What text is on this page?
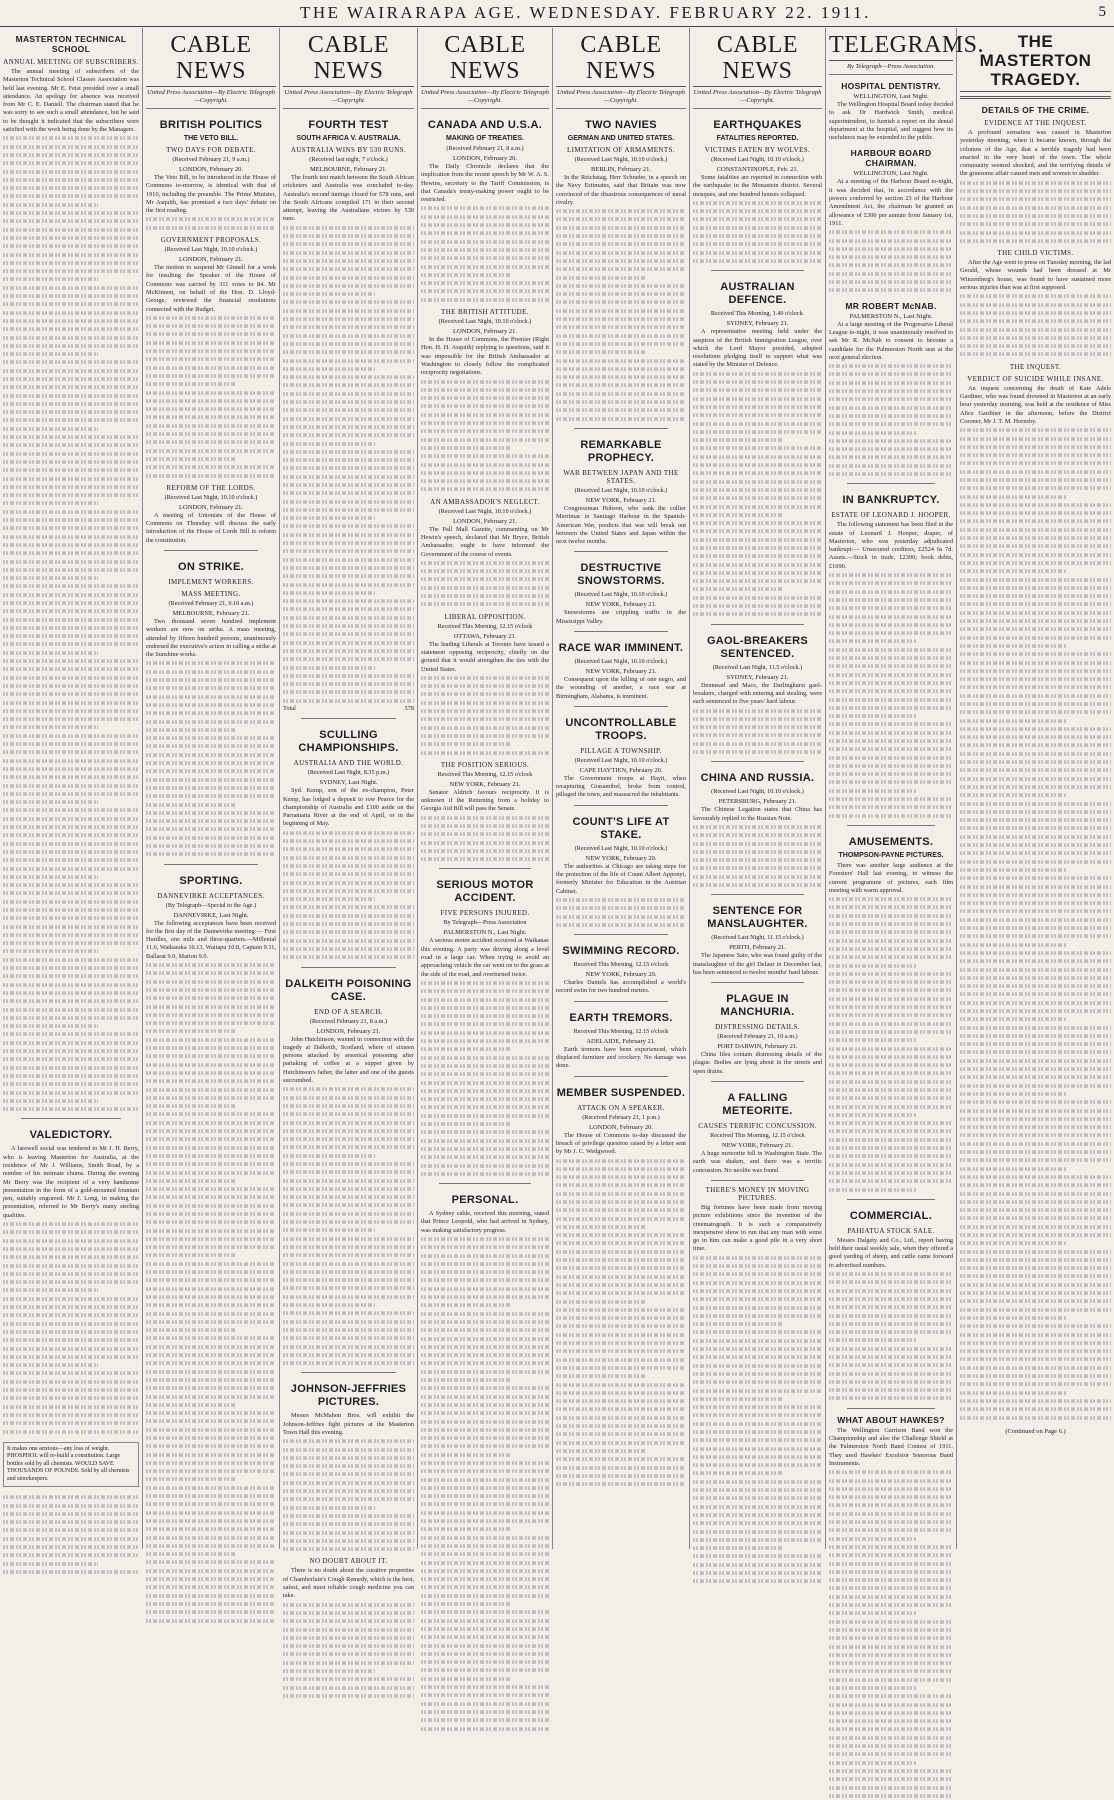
THE WAIRARAPA AGE. WEDNESDAY. FEBRUARY 22. 1911.	5
MASTERTON TECHNICAL SCHOOL
ANNUAL MEETING OF SUBSCRIBERS.

The annual meeting of subscribers of the Masterton Technical School Classes Association was held last evening. Mr E. Feist presided over a small attendance. An apology for absence was received from Mr C. E. Daniell. The chairman stated that he was sorry to see such a small attendance, but he said to be thought it indicated that the subscribers were satisfied with the work being done by the Managers.

VALEDICTORY.

A farewell social was tendered to Mr J. H. Berry, who is leaving Masterton for Australia, at the residence of Mr J. Williams, Smith Road, by a number of his intimate chums. During the evening Mr Berry was the recipient of a very handsome presentation in the form of a gold-mounted fountain pen, suitably engraved. Mr J. Long, in making the presentation, referred to Mr Berry's many sterling qualities.

It makes one anxious—any loss of weight. PHOSPHOL will re-build a constitution. Large bottles sold by all chemists. WOULD SAVE THOUSANDS OF POUNDS. Sold by all chemists and storekeepers.
CABLE NEWS
United Press Association—By Electric Telegraph—Copyright.
BRITISH POLITICS
THE VETO BILL.
TWO DAYS FOR DEBATE.
(Received February 21, 9 a.m.)
LONDON, February 20.

The Veto Bill, to be introduced in the House of Commons to-morrow, is identical with that of 1910, including the preamble. The Prime Minister, Mr Asquith, has promised a two days' debate on the first reading.

GOVERNMENT PROPOSALS.
(Received Last Night, 10.10 o'clock.)
LONDON, February 21.

The motion to suspend Mr Ginnell for a week for insulting the Speaker of the House of Commons was carried by 311 votes to 84. Mr McKinnon, on behalf of the Hon. D. Lloyd-George, reviewed the financial resolutions connected with the Budget.

REFORM OF THE LORDS.
(Received Last Night, 10.10 o'clock.)
LONDON, February 21.

A meeting of Unionists of the House of Commons on Thursday will discuss the early introduction of the House of Lords Bill to reform the constitution.

ON STRIKE.
IMPLEMENT WORKERS.
MASS MEETING.
(Received February 21, 9.10 a.m.)
MELBOURNE, February 21.

Two thousand seven hundred implement workers are now on strike. A mass meeting, attended by fifteen hundred persons, unanimously endorsed the executive's action in calling a strike at the Sunshine works.

SPORTING.
DANNEVIRKE ACCEPTANCES.
(By Telegraph—Special to the Age.)
DANNEVIRKE, Last Night.

The following acceptances have been received for the first day of the Dannevirke meeting:— First Hurdles, one mile and three-quarters.—Millenial 11.6, Waikaraka 10.13, Waitapu 10.8, Captain 9.11, Ballarat 9.0, Marton 9.0.

CABLE NEWS
United Press Association—By Electric Telegraph—Copyright.
FOURTH TEST
SOUTH AFRICA V. AUSTRALIA.
AUSTRALIA WINS BY 530 RUNS.
(Received last night, 7 o'clock.)
MELBOURNE, February 21.

The fourth test match between the South African cricketers and Australia was concluded to-day. Australia's second innings closed for 578 runs, and the South Africans compiled 171 in their second attempt, leaving the Australians victors by 530 runs.

Total	578

SCULLING CHAMPIONSHIPS.
AUSTRALIA AND THE WORLD.
(Received Last Night, 8.35 p.m.)
SYDNEY, Last Night.

Syd. Kemp, son of the ex-champion, Peter Kemp, has lodged a deposit to row Pearce for the championship of Australia and £100 aside on the Parramatta River at the end of April, or in the beginning of May.

DALKEITH POISONING CASE.
END OF A SEARCH.
(Received February 21, 8 a.m.)
LONDON, February 21.

John Hutchinson, wanted in connection with the tragedy at Dalkeith, Scotland, where of sixteen persons attacked by arsenical poisoning after partaking of coffee at a supper given by Hutchinson's father, the latter and one of the guests succumbed.

JOHNSON-JEFFRIES PICTURES.

Messrs McMahon Bros. will exhibit the Johnson-Jeffries fight pictures at the Masterton Town Hall this evening.

NO DOUBT ABOUT IT.

There is no doubt about the curative properties of Chamberlain's Cough Remedy, which is the best, safest, and most reliable cough medicine you can take.

CABLE NEWS
United Press Association—By Electric Telegraph—Copyright.
CANADA AND U.S.A.
MAKING OF TREATIES.
(Received February 21, 8 a.m.)
LONDON, February 20.

The Daily Chronicle declares that the implication from the recent speech by Mr W. A. S. Hewins, secretary to the Tariff Commission, is that Canada's treaty-making power ought to be restricted.

THE BRITISH ATTITUDE.
(Received Last Night, 10.10 o'clock.)
LONDON, February 21.

In the House of Commons, the Premier (Right Hon. H. H. Asquith) replying to questions, said it was impossible for the British Ambassador at Washington to closely follow the complicated reciprocity negotiations.

AN AMBASSADOR'S NEGLECT.
(Received Last Night, 10.10 o'clock.)
LONDON, February 21.

The Pall Mall Gazette, commenting on Mr Hewin's speech, declared that Mr Bryce, British Ambassador, ought to have informed the Government of the course of events.

LIBERAL OPPOSITION.
Received This Morning, 12.15 o'clock
OTTAWA, February 21.

The leading Liberals at Toronto have issued a statement opposing reciprocity, chiefly on the ground that it would strengthen the ties with the United States.

THE POSITION SERIOUS.
Received This Morning, 12.15 o'clock
NEW YORK, February 21.

Senator Aldrich favours reciprocity. It is unknown if the Returning from a holiday to Georgia Aid Bill will pass the Senate.

SERIOUS MOTOR ACCIDENT.
FIVE PERSONS INJURED.
By Telegraph—Press Association
PALMERSTON N., Last Night.

A serious motor accident occurred at Waikanae this evening. A party was driving along a level road in a large car. When trying to avoid an approaching vehicle the car went on to the grass at the side of the road, and overturned twice.

PERSONAL.

A Sydney cable, received this morning, stated that Prince Leopold, who had arrived in Sydney, was making satisfactory progress.

CABLE NEWS
United Press Association—By Electric Telegraph—Copyright.
TWO NAVIES
GERMAN AND UNITED STATES.
LIMITATION OF ARMAMENTS.
(Received Last Night, 10.10 o'clock.)
BERLIN, February 21.

In the Reichstag, Herr Schrader, in a speech on the Navy Estimates, said that Britain was now convinced of the disastrous consequences of naval rivalry.

REMARKABLE PROPHECY.
WAR BETWEEN JAPAN AND THE STATES.
(Received Last Night, 10.10 o'clock.)
NEW YORK, February 21.

Congressman Hobson, who sank the collier Merrimac in Santiago Harbour in the Spanish-American War, predicts that war will break out between the United States and Japan within the next twelve months.

DESTRUCTIVE SNOWSTORMS.
(Received Last Night, 10.10 o'clock.)
NEW YORK, February 21.

Snowstorms are crippling traffic in the Mississippi Valley.

RACE WAR IMMINENT.
(Received Last Night, 10.10 o'clock.)
NEW YORK, February 21.

Consequent upon the killing of one negro, and the wounding of another, a race war at Birmingham, Alabama, is imminent.

UNCONTROLLABLE TROOPS.
PILLAGE A TOWNSHIP.
(Received Last Night, 10.10 o'clock.)
CAPE HAYTIEN, February 20.

The Government troops at Hayti, when recapturing Grasamibel, broke from control, pillaged the town, and massacred the inhabitants.

COUNT'S LIFE AT STAKE.
(Received Last Night, 10.10 o'clock.)
NEW YORK, February 20.

The authorities at Chicago are taking steps for the protection of the life of Count Albert Apponyi, formerly Minister for Education in the Austrian Cabinet.

SWIMMING RECORD.
Received This Morning, 12.15 o'clock
NEW YORK, February 20.

Charles Daniels has accomplished a world's record swim for two hundred metres.

EARTH TREMORS.
Received This Morning, 12.15 o'clock
ADELAIDE, February 21.

Earth tremors have been experienced, which displaced furniture and crockery. No damage was done.

MEMBER SUSPENDED.
ATTACK ON A SPEAKER.
(Received February 21, 1 p.m.)
LONDON, February 20.

The House of Commons to-day discussed the breach of privilege question raised by a letter sent by Mr J. C. Wedgwood.

CABLE NEWS
United Press Association—By Electric Telegraph—Copyright.
EARTHQUAKES
FATALITIES REPORTED.
VICTIMS EATEN BY WOLVES.
(Received Last Night, 10.10 o'clock.)
CONSTANTINOPLE, Feb. 21.

Some fatalities are reported in connection with the earthquake in the Monastein district. Several mosques, and one hundred houses collapsed.

AUSTRALIAN DEFENCE.
Received This Morning, 1.40 o'clock.
SYDNEY, February 21.

A representative meeting held under the auspices of the British Immigration League, over which the Lord Mayor presided, adopted resolutions pledging itself to support what was stated by the Minister of Defence.

GAOL-BREAKERS SENTENCED.
(Received Last Night, 11.5 o'clock.)
SYDNEY, February 21.

Denmead and Mace, the Darlinghurst gaol-breakers, charged with entering and stealing, were each sentenced to five years' hard labour.

CHINA AND RUSSIA.
(Received Last Night, 10.10 o'clock.)
PETERSBURG, February 21.

The Chinese Legation states that China has favourably replied to the Russian Note.

SENTENCE FOR MANSLAUGHTER.
(Received Last Night, 11.15 o'clock.)
PERTH, February 21.

The Japanese Sato, who was found guilty of the manslaughter of the girl Defaur in December last, has been sentenced to twelve months' hard labour.

PLAGUE IN MANCHURIA.
DISTRESSING DETAILS.
(Received February 21, 10 a.m.)
PORT DARWIN, February 21.

China files contain distressing details of the plague. Bodies are lying about in the streets and open drains.

A FALLING METEORITE.
CAUSES TERRIFIC CONCUSSION.
Received This Morning, 12.15 o'clock
NEW YORK, February 21.

A huge meteorite fell in Washington State. The earth was shaken, and there was a terrific concussion. No neolite was found.

THERE'S MONEY IN MOVING PICTURES.

Big fortunes have been made from moving picture exhibitions since the invention of the cinematograph. It is such a comparatively inexpensive show to run that any man with some go in him can make a good pile in a very short time.

TELEGRAMS.
By Telegraph—Press Association.
HOSPITAL DENTISTRY.
WELLINGTON, Last Night.

The Wellington Hospital Board today decided to ask Dr Hardwick Smith, medical superintendent, to furnish a report on the dental department at the hospital, and suggest how its usefulness may be extended to the public.

HARBOUR BOARD CHAIRMAN.
WELLINGTON, Last Night.

At a meeting of the Harbour Board to-night, it was decided that, in accordance with the powers conferred by section 23 of the Harbour Amendment Act, the chairman be granted an allowance of £300 per annum from January 1st, 1911.

MR ROBERT McNAB.
PALMERSTON N., Last Night.

At a large meeting of the Progressive Liberal League to-night, it was unanimously resolved to ask Mr R. McNab to consent to become a candidate for the Palmerston North seat at the next general election.

IN BANKRUPTCY.
ESTATE OF LEONARD J. HOOPER.

The following statement has been filed in the estate of Leonard J. Hooper, draper, of Masterton, who was yesterday adjudicated bankrupt:— Unsecured creditors, £2524 6s 7d. Assets.—Stock in trade, £2300; book debts, £1690.

AMUSEMENTS.
THOMPSON-PAYNE PICTURES.

There was another large audience at the Foresters' Hall last evening, to witness the current programme of pictures, each film meeting with warm approval.

COMMERCIAL.
PAHIATUA STOCK SALE.

Messrs Dalgety and Co., Ltd., report having held their usual weekly sale, when they offered a good yarding of sheep, and cattle came forward to advertised numbers.

WHAT ABOUT HAWKES?

The Wellington Garrison Band won the Championship and also the Challenge Shield at the Palmerston North Band Contest of 1911. They used Hawkes' Excelsior Sonorous Band Instruments.

THE MASTERTON TRAGEDY.
DETAILS OF THE CRIME.
EVIDENCE AT THE INQUEST.

A profound sensation was caused in Masterton yesterday morning, when it became known, through the columns of the Age, that a terrible tragedy had been enacted in the very heart of the town. The whole community seemed shocked, and the terrifying details of the gruesome affair caused men and women to shudder.

THE CHILD VICTIMS.

After the Age went to press on Tuesday morning, the lad Gerald, whose wounds had been dressed at Mr Winzenberg's house, was found to have sustained more serious injuries than was at first supposed.

THE INQUEST.
VERDICT OF SUICIDE WHILE INSANE.

An inquest concerning the death of Kate Adele Gardiner, who was found drowned in Masterton at an early hour yesterday morning, was held at the residence of Miss Alice Gardiner in the afternoon, before the District Coroner, Mr J. T. M. Hornsby.

(Continued on Page 6.)
